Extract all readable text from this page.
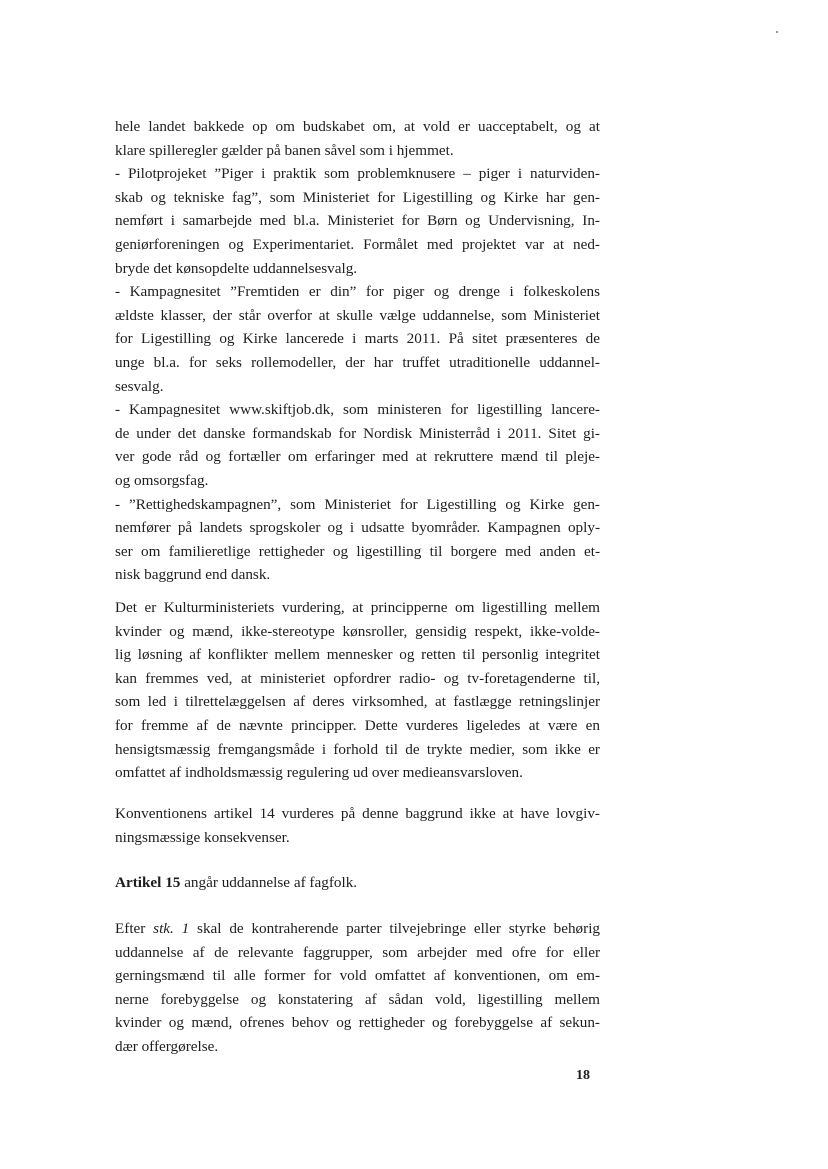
hele landet bakkede op om budskabet om, at vold er uacceptabelt, og at
klare spilleregler gælder på banen såvel som i hjemmet.
- Pilotprojeket ”Piger i praktik som problemknusere – piger i naturviden-
skab og tekniske fag”, som Ministeriet for Ligestilling og Kirke har gen-
nemført i samarbejde med bl.a. Ministeriet for Børn og Undervisning, In-
geniørforeningen og Experimentariet. Formålet med projektet var at ned-
bryde det kønsopdelte uddannelsesvalg.
- Kampagnesitet ”Fremtiden er din” for piger og drenge i folkeskolens
ældste klasser, der står overfor at skulle vælge uddannelse, som Ministeriet
for Ligestilling og Kirke lancerede i marts 2011. På sitet præsenteres de
unge bl.a. for seks rollemodeller, der har truffet utraditionelle uddannel-
sesvalg.
- Kampagnesitet www.skiftjob.dk, som ministeren for ligestilling lancere-
de under det danske formandskab for Nordisk Ministerråd i 2011. Sitet gi-
ver gode råd og fortæller om erfaringer med at rekruttere mænd til pleje-
og omsorgsfag.
- ”Rettighedskampagnen”, som Ministeriet for Ligestilling og Kirke gen-
nemfører på landets sprogskoler og i udsatte byområder. Kampagnen oply-
ser om familieretlige rettigheder og ligestilling til borgere med anden et-
nisk baggrund end dansk.
Det er Kulturministeriets vurdering, at principperne om ligestilling mellem
kvinder og mænd, ikke-stereotype kønsroller, gensidig respekt, ikke-volde-
lig løsning af konflikter mellem mennesker og retten til personlig integritet
kan fremmes ved, at ministeriet opfordrer radio- og tv-foretagenderne til,
som led i tilrettelæggelsen af deres virksomhed, at fastlægge retningslinjer
for fremme af de nævnte principper. Dette vurderes ligeledes at være en
hensigtsmæssig fremgangsmåde i forhold til de trykte medier, som ikke er
omfattet af indholdsmæssig regulering ud over medieansvarsloven.
Konventionens artikel 14 vurderes på denne baggrund ikke at have lovgiv-
ningsmæssige konsekvenser.
Artikel 15 angår uddannelse af fagfolk.
Efter stk. 1 skal de kontraherende parter tilvejebringe eller styrke behørig
uddannelse af de relevante faggrupper, som arbejder med ofre for eller
gerningsmænd til alle former for vold omfattet af konventionen, om em-
nerne forebyggelse og konstatering af sådan vold, ligestilling mellem
kvinder og mænd, ofrenes behov og rettigheder og forebyggelse af sekun-
dær offergørelse.
18
